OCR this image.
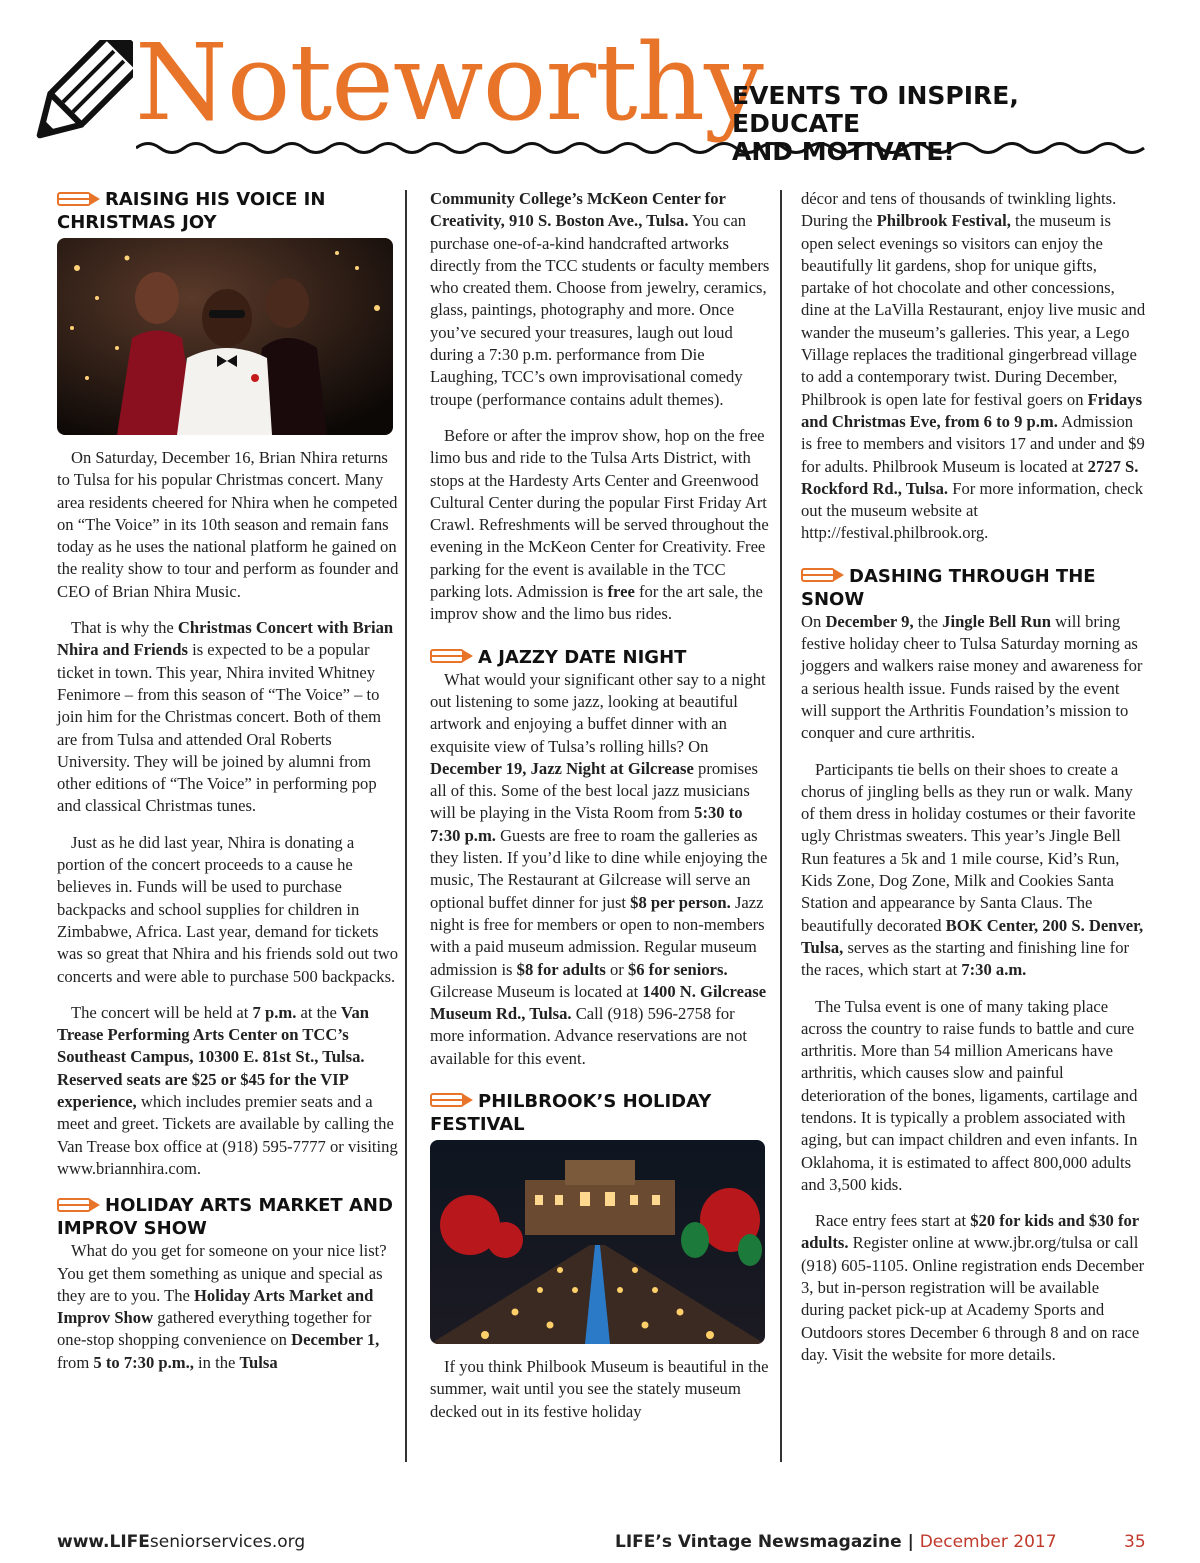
Noteworthy
EVENTS TO INSPIRE, EDUCATE
AND MOTIVATE!
RAISING HIS VOICE IN CHRISTMAS JOY

On Saturday, December 16, Brian Nhira returns to Tulsa for his popular Christmas concert. Many area residents cheered for Nhira when he competed on “The Voice” in its 10th season and remain fans today as he uses the national platform he gained on the reality show to tour and perform as founder and CEO of Brian Nhira Music.

That is why the Christmas Concert with Brian Nhira and Friends is expected to be a popular ticket in town. This year, Nhira invited Whitney Fenimore – from this season of “The Voice” – to join him for the Christmas concert. Both of them are from Tulsa and attended Oral Roberts University. They will be joined by alumni from other editions of “The Voice” in performing pop and classical Christmas tunes.

Just as he did last year, Nhira is donating a portion of the concert proceeds to a cause he believes in. Funds will be used to purchase backpacks and school supplies for children in Zimbabwe, Africa. Last year, demand for tickets was so great that Nhira and his friends sold out two concerts and were able to purchase 500 backpacks.

The concert will be held at 7 p.m. at the Van Trease Performing Arts Center on TCC’s Southeast Campus, 10300 E. 81st St., Tulsa. Reserved seats are $25 or $45 for the VIP experience, which includes premier seats and a meet and greet. Tickets are available by calling the Van Trease box office at (918) 595-7777 or visiting www.briannhira.com.

HOLIDAY ARTS MARKET AND IMPROV SHOW

What do you get for someone on your nice list? You get them something as unique and special as they are to you. The Holiday Arts Market and Improv Show gathered everything together for one-stop shopping convenience on December 1, from 5 to 7:30 p.m., in the Tulsa

Community College’s McKeon Center for Creativity, 910 S. Boston Ave., Tulsa. You can purchase one-of-a-kind handcrafted artworks directly from the TCC students or faculty members who created them. Choose from jewelry, ceramics, glass, paintings, photography and more. Once you’ve secured your treasures, laugh out loud during a 7:30 p.m. performance from Die Laughing, TCC’s own improvisational comedy troupe (performance contains adult themes).

Before or after the improv show, hop on the free limo bus and ride to the Tulsa Arts District, with stops at the Hardesty Arts Center and Greenwood Cultural Center during the popular First Friday Art Crawl. Refreshments will be served throughout the evening in the McKeon Center for Creativity. Free parking for the event is available in the TCC parking lots. Admission is free for the art sale, the improv show and the limo bus rides.

A JAZZY DATE NIGHT

What would your significant other say to a night out listening to some jazz, looking at beautiful artwork and enjoying a buffet dinner with an exquisite view of Tulsa’s rolling hills? On December 19, Jazz Night at Gilcrease promises all of this. Some of the best local jazz musicians will be playing in the Vista Room from 5:30 to 7:30 p.m. Guests are free to roam the galleries as they listen. If you’d like to dine while enjoying the music, The Restaurant at Gilcrease will serve an optional buffet dinner for just $8 per person. Jazz night is free for members or open to non-members with a paid museum admission. Regular museum admission is $8 for adults or $6 for seniors. Gilcrease Museum is located at 1400 N. Gilcrease Museum Rd., Tulsa. Call (918) 596-2758 for more information. Advance reservations are not available for this event.

PHILBROOK’S HOLIDAY FESTIVAL

If you think Philbook Museum is beautiful in the summer, wait until you see the stately museum decked out in its festive holiday

décor and tens of thousands of twinkling lights. During the Philbrook Festival, the museum is open select evenings so visitors can enjoy the beautifully lit gardens, shop for unique gifts, partake of hot chocolate and other concessions, dine at the LaVilla Restaurant, enjoy live music and wander the museum’s galleries. This year, a Lego Village replaces the traditional gingerbread village to add a contemporary twist. During December, Philbrook is open late for festival goers on Fridays and Christmas Eve, from 6 to 9 p.m. Admission is free to members and visitors 17 and under and $9 for adults. Philbrook Museum is located at 2727 S. Rockford Rd., Tulsa. For more information, check out the museum website at http://festival.philbrook.org.

DASHING THROUGH THE SNOW

On December 9, the Jingle Bell Run will bring festive holiday cheer to Tulsa Saturday morning as joggers and walkers raise money and awareness for a serious health issue. Funds raised by the event will support the Arthritis Foundation’s mission to conquer and cure arthritis.

Participants tie bells on their shoes to create a chorus of jingling bells as they run or walk. Many of them dress in holiday costumes or their favorite ugly Christmas sweaters. This year’s Jingle Bell Run features a 5k and 1 mile course, Kid’s Run, Kids Zone, Dog Zone, Milk and Cookies Santa Station and appearance by Santa Claus. The beautifully decorated BOK Center, 200 S. Denver, Tulsa, serves as the starting and finishing line for the races, which start at 7:30 a.m.

The Tulsa event is one of many taking place across the country to raise funds to battle and cure arthritis. More than 54 million Americans have arthritis, which causes slow and painful deterioration of the bones, ligaments, cartilage and tendons. It is typically a problem associated with aging, but can impact children and even infants. In Oklahoma, it is estimated to affect 800,000 adults and 3,500 kids.

Race entry fees start at $20 for kids and $30 for adults. Register online at www.jbr.org/tulsa or call (918) 605-1105. Online registration ends December 3, but in-person registration will be available during packet pick-up at Academy Sports and Outdoors stores December 6 through 8 and on race day. Visit the website for more details.

www.LIFEseniorservices.org	LIFE’s Vintage Newsmagazine | December 2017	35
